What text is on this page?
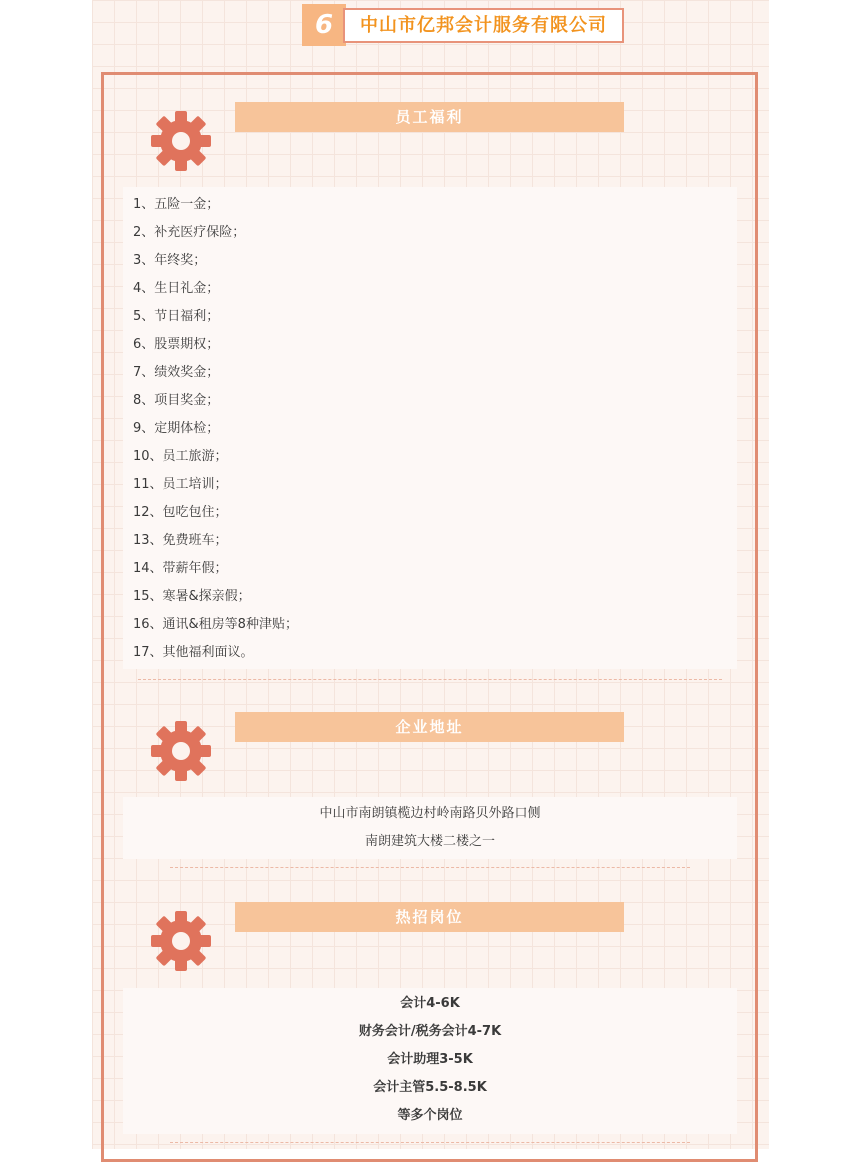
6	中山市亿邦会计服务有限公司
员工福利
1、五险一金；
2、补充医疗保险；
3、年终奖；
4、生日礼金；
5、节日福利；
6、股票期权；
7、绩效奖金；
8、项目奖金；
9、定期体检；
10、员工旅游；
11、员工培训；
12、包吃包住；
13、免费班车；
14、带薪年假；
15、寒暑&探亲假；
16、通讯&租房等8种津贴；
17、其他福利面议。
企业地址
中山市南朗镇榄边村岭南路贝外路口侧
南朗建筑大楼二楼之一
热招岗位
会计4-6K
财务会计/税务会计4-7K
会计助理3-5K
会计主管5.5-8.5K
等多个岗位
